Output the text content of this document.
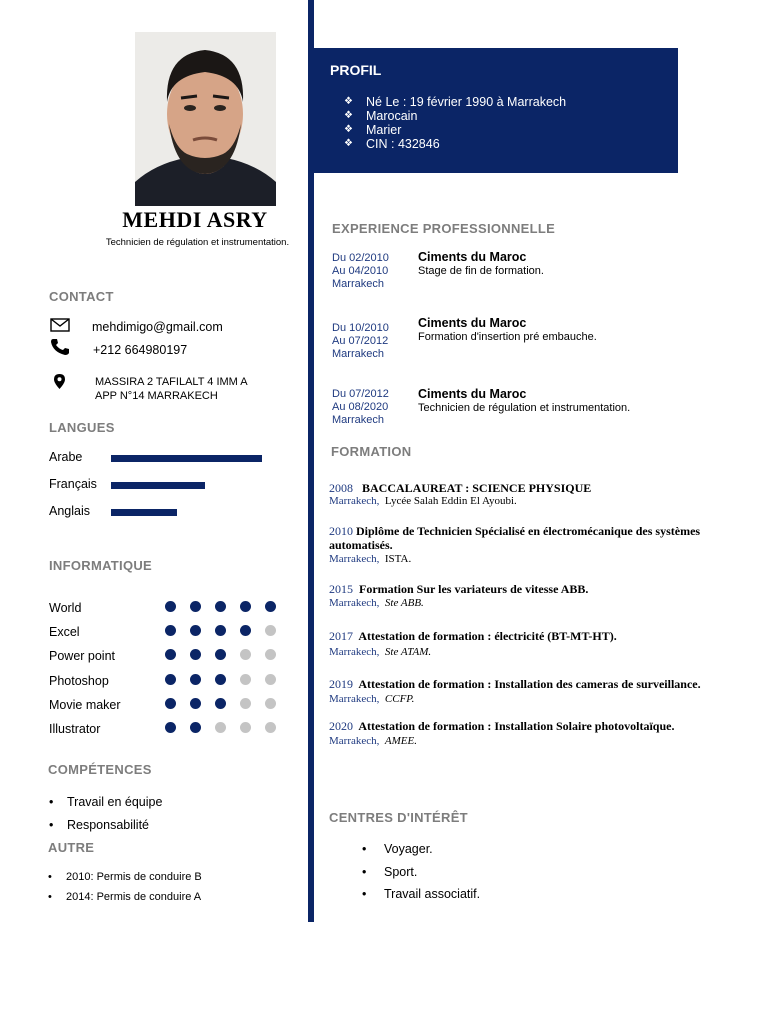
MEHDI ASRY
Technicien de régulation et instrumentation.
CONTACT
mehdimigo@gmail.com
+212 664980197
MASSIRA 2 TAFILALT 4 IMM A
APP N°14 MARRAKECH
LANGUES
Arabe
Français
Anglais
INFORMATIQUE
World
Excel
Power point
Photoshop
Movie maker
Illustrator
COMPÉTENCES
• Travail en équipe
• Responsabilité
AUTRE
• 2010: Permis de conduire B
• 2014: Permis de conduire A
PROFIL
❖ Né Le : 19 février 1990 à Marrakech
❖ Marocain
❖ Marier
❖ CIN : 432846
EXPERIENCE PROFESSIONNELLE
Du 02/2010
Au 04/2010
Marrakech
Ciments du Maroc
Stage de fin de formation.
Du 10/2010
Au 07/2012
Marrakech
Ciments du Maroc
Formation d'insertion pré embauche.
Du 07/2012
Au 08/2020
Marrakech
Ciments du Maroc
Technicien de régulation et instrumentation.
FORMATION
2008 BACCALAUREAT : SCIENCE PHYSIQUE
Marrakech, Lycée Salah Eddin El Ayoubi.
2010 Diplôme de Technicien Spécialisé en électromécanique des systèmes automatisés.
Marrakech, ISTA.
2015 Formation Sur les variateurs de vitesse ABB.
Marrakech, Ste ABB.
2017 Attestation de formation : électricité (BT-MT-HT).
Marrakech, Ste ATAM.
2019 Attestation de formation : Installation des cameras de surveillance.
Marrakech, CCFP.
2020 Attestation de formation : Installation Solaire photovoltaïque.
Marrakech, AMEE.
CENTRES D'INTÉRÊT
• Voyager.
• Sport.
• Travail associatif.
